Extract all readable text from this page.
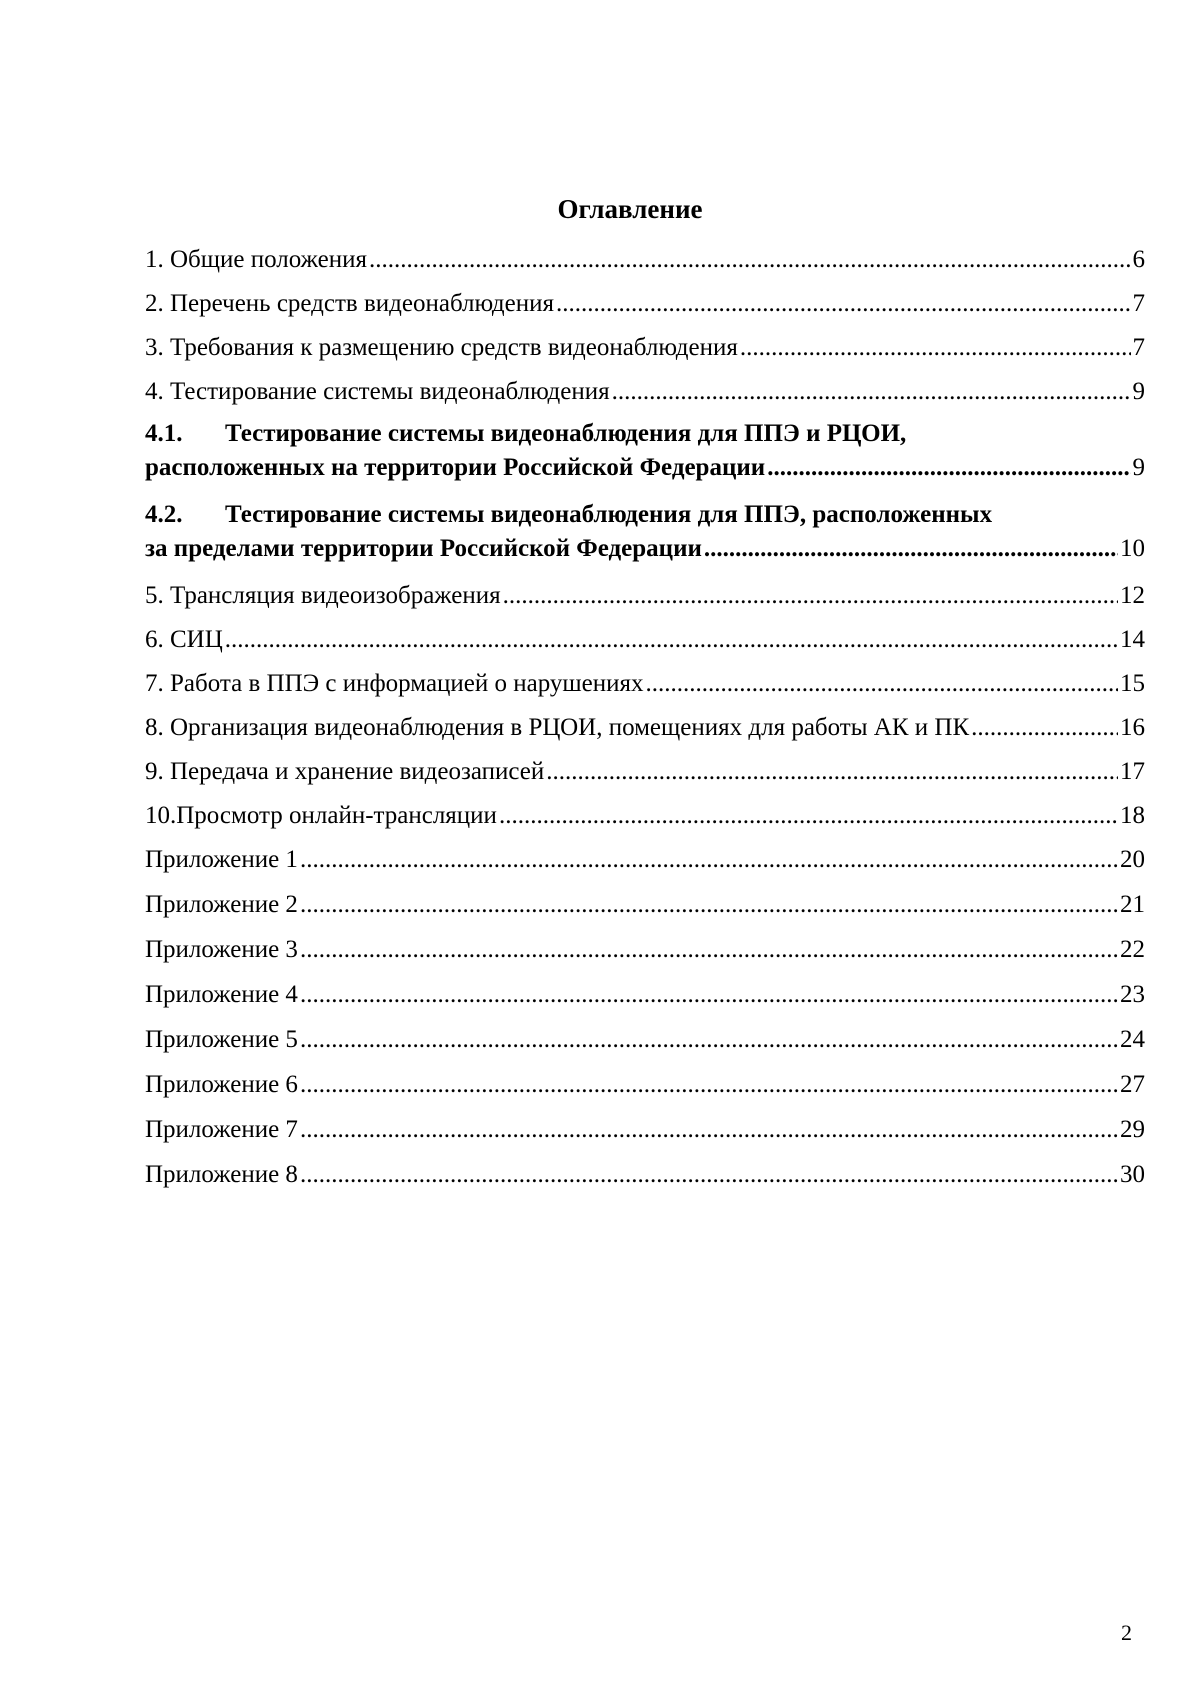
Оглавление
1. Общие положения .....	6
2. Перечень средств видеонаблюдения .....	7
3. Требования к размещению средств видеонаблюдения .....	7
4. Тестирование системы видеонаблюдения .....	9
4.1. Тестирование системы видеонаблюдения для ППЭ и РЦОИ,
расположенных на территории Российской Федерации .....	9
4.2. Тестирование системы видеонаблюдения для ППЭ, расположенных
за пределами территории Российской Федерации .....	10
5. Трансляция видеоизображения .....	12
6. СИЦ .....	14
7. Работа в ППЭ с информацией о нарушениях .....	15
8. Организация видеонаблюдения в РЦОИ, помещениях для работы АК и ПК .....	16
9. Передача и хранение видеозаписей .....	17
10.Просмотр онлайн-трансляции .....	18
Приложение 1 .....	20
Приложение 2 .....	21
Приложение 3 .....	22
Приложение 4 .....	23
Приложение 5 .....	24
Приложение 6 .....	27
Приложение 7 .....	29
Приложение 8 .....	30
2
